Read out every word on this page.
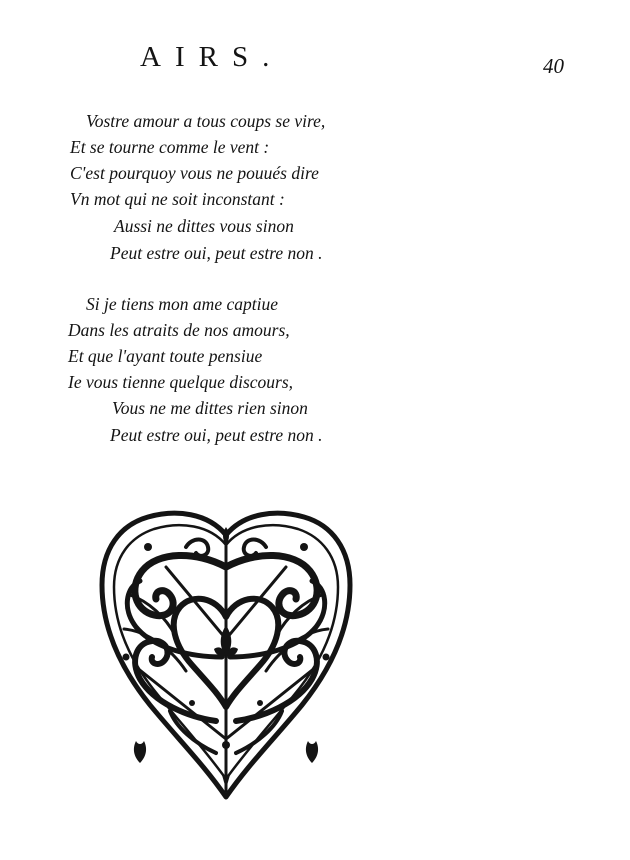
AIRS.	40
Vostre amour a tous coups se vire,
Et se tourne comme le vent :
C'est pourquoy vous ne pouués dire
Vn mot qui ne soit inconstant :
Aussi ne dittes vous sinon
Peut estre oui, peut estre non .
Si je tiens mon ame captiue
Dans les atraits de nos amours,
Et que l'ayant toute pensiue
Ie vous tienne quelque discours,
Vous ne me dittes rien sinon
Peut estre oui, peut estre non .
